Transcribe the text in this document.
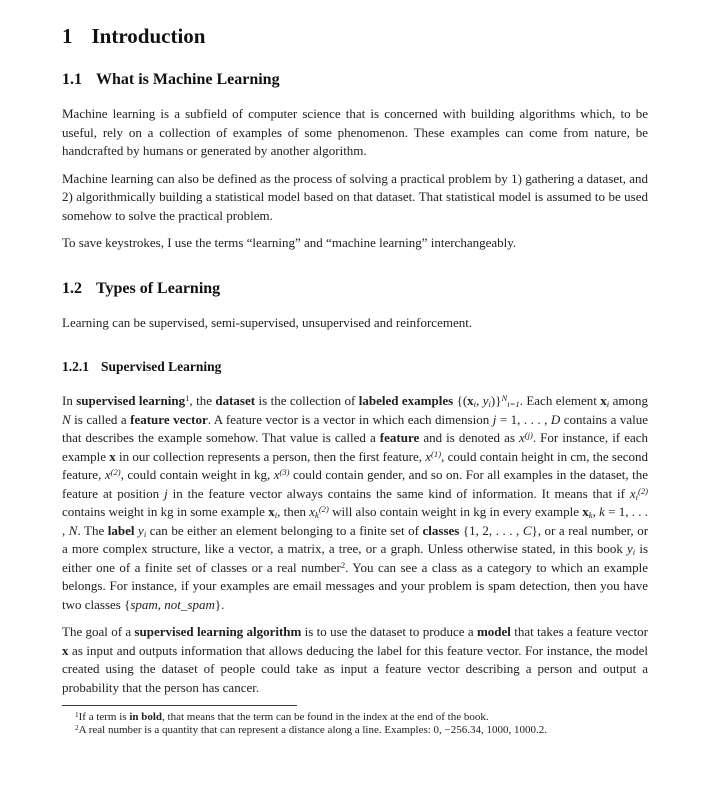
1 Introduction
1.1 What is Machine Learning

Machine learning is a subfield of computer science that is concerned with building algorithms which, to be useful, rely on a collection of examples of some phenomenon. These examples can come from nature, be handcrafted by humans or generated by another algorithm.

Machine learning can also be defined as the process of solving a practical problem by 1) gathering a dataset, and 2) algorithmically building a statistical model based on that dataset. That statistical model is assumed to be used somehow to solve the practical problem.

To save keystrokes, I use the terms “learning” and “machine learning” interchangeably.

1.2 Types of Learning

Learning can be supervised, semi-supervised, unsupervised and reinforcement.

1.2.1 Supervised Learning

In supervised learning$^1$, the dataset is the collection of labeled examples {(xi, yi)}$^N$i=1. Each element xi among N is called a feature vector. A feature vector is a vector in which each dimension j = 1, . . . , D contains a value that describes the example somehow. That value is called a feature and is denoted as $x^{(j)}$. For instance, if each example x in our collection represents a person, then the first feature, $x^{(1)}$, could contain height in cm, the second feature, $x^{(2)}$, could contain weight in kg, $x^{(3)}$ could contain gender, and so on. For all examples in the dataset, the feature at position j in the feature vector always contains the same kind of information. It means that if $xi^{(2)}$ contains weight in kg in some example xi, then $xk^{(2)}$ will also contain weight in kg in every example xk, k = 1, . . . , N. The label yi can be either an element belonging to a finite set of classes {1, 2, . . . , C}, or a real number, or a more complex structure, like a vector, a matrix, a tree, or a graph. Unless otherwise stated, in this book yi is either one of a finite set of classes or a real number$^2$. You can see a class as a category to which an example belongs. For instance, if your examples are email messages and your problem is spam detection, then you have two classes {spam, not_spam}.

The goal of a supervised learning algorithm is to use the dataset to produce a model that takes a feature vector x as input and outputs information that allows deducing the label for this feature vector. For instance, the model created using the dataset of people could take as input a feature vector describing a person and output a probability that the person has cancer.

$^1$If a term is in bold, that means that the term can be found in the index at the end of the book.

$^2$A real number is a quantity that can represent a distance along a line. Examples: 0, −256.34, 1000, 1000.2.
